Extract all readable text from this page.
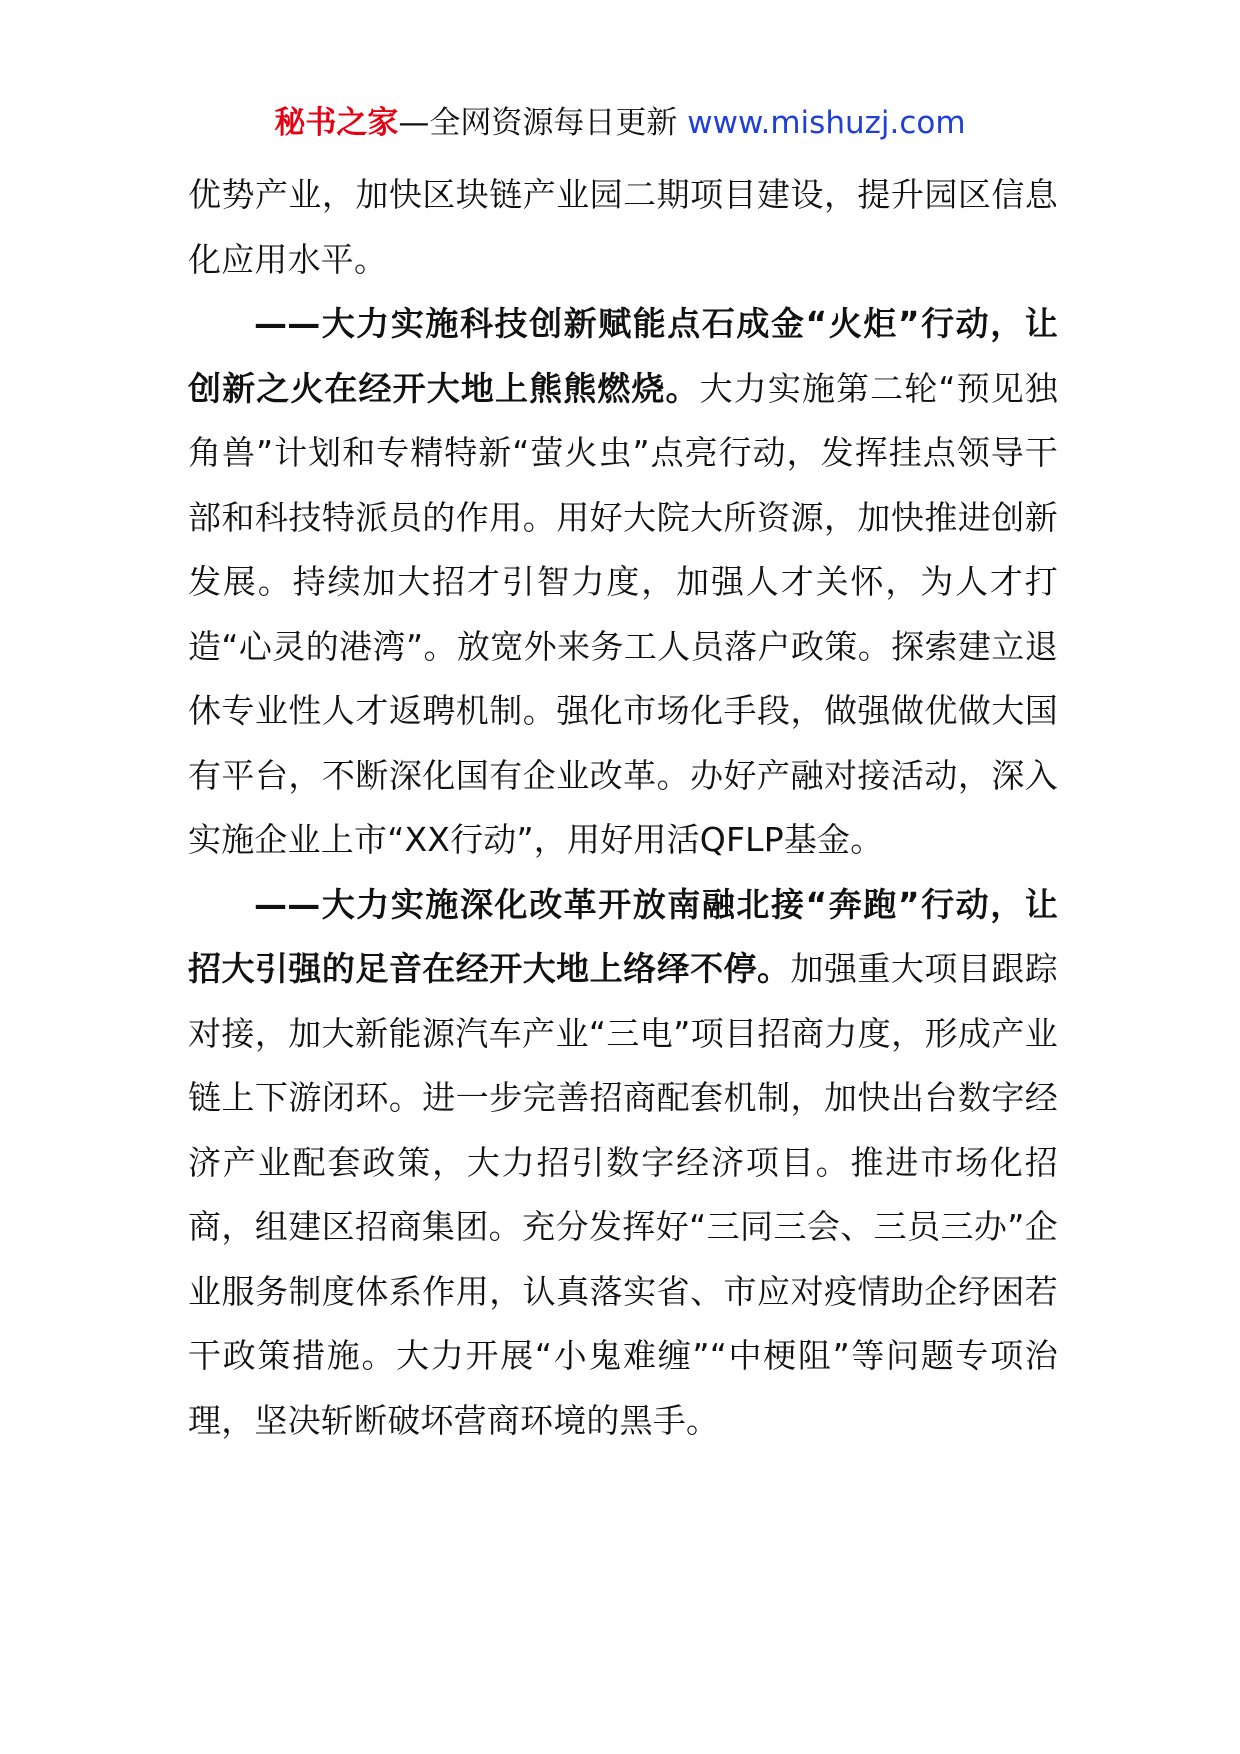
秘书之家—全网资源每日更新 www.mishuzj.com

优势产业，加快区块链产业园二期项目建设，提升园区信息化应用水平。

——大力实施科技创新赋能点石成金“火炬”行动，让创新之火在经开大地上熊熊燃烧。大力实施第二轮“预见独角兽”计划和专精特新“萤火虫”点亮行动，发挥挂点领导干部和科技特派员的作用。用好大院大所资源，加快推进创新发展。持续加大招才引智力度，加强人才关怀，为人才打造“心灵的港湾”。放宽外来务工人员落户政策。探索建立退休专业性人才返聘机制。强化市场化手段，做强做优做大国有平台，不断深化国有企业改革。办好产融对接活动，深入实施企业上市“XX行动”，用好用活QFLP基金。

——大力实施深化改革开放南融北接“奔跑”行动，让招大引强的足音在经开大地上络绎不停。加强重大项目跟踪对接，加大新能源汽车产业“三电”项目招商力度，形成产业链上下游闭环。进一步完善招商配套机制，加快出台数字经济产业配套政策，大力招引数字经济项目。推进市场化招商，组建区招商集团。充分发挥好“三同三会、三员三办”企业服务制度体系作用，认真落实省、市应对疫情助企纾困若干政策措施。大力开展“小鬼难缠”“中梗阻”等问题专项治理，坚决斩断破坏营商环境的黑手。
